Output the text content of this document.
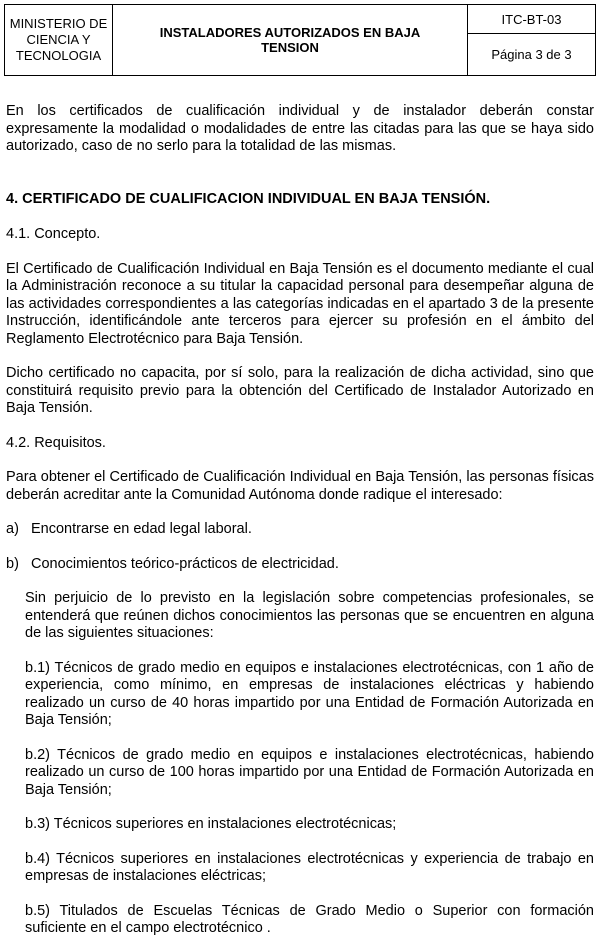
MINISTERIO DE CIENCIA Y TECNOLOGIA
INSTALADORES AUTORIZADOS EN BAJA TENSION
ITC-BT-03
Página 3 de 3

En los certificados de cualificación individual y de instalador deberán constar expresamente la modalidad o modalidades de entre las citadas para las que se haya sido autorizado, caso de no serlo para la totalidad de las mismas.

4. CERTIFICADO DE CUALIFICACION INDIVIDUAL EN BAJA TENSIÓN.

4.1. Concepto.

El Certificado de Cualificación Individual en Baja Tensión es el documento mediante el cual la Administración reconoce a su titular la capacidad personal para desempeñar alguna de las actividades correspondientes a las categorías indicadas en el apartado 3 de la presente Instrucción, identificándole ante terceros para ejercer su profesión en el ámbito del Reglamento Electrotécnico para Baja Tensión.

Dicho certificado no capacita, por sí solo, para la realización de dicha actividad, sino que constituirá requisito previo para la obtención del Certificado de Instalador Autorizado en Baja Tensión.

4.2. Requisitos.

Para obtener el Certificado de Cualificación Individual en Baja Tensión, las personas físicas deberán acreditar ante la Comunidad Autónoma donde radique el interesado:

a) Encontrarse en edad legal laboral.
b) Conocimientos teórico-prácticos de electricidad.

Sin perjuicio de lo previsto en la legislación sobre competencias profesionales, se entenderá que reúnen dichos conocimientos las personas que se encuentren en alguna de las siguientes situaciones:

b.1) Técnicos de grado medio en equipos e instalaciones electrotécnicas, con 1 año de experiencia, como mínimo, en empresas de instalaciones eléctricas y habiendo realizado un curso de 40 horas impartido por una Entidad de Formación Autorizada en Baja Tensión;

b.2) Técnicos de grado medio en equipos e instalaciones electrotécnicas, habiendo realizado un curso de 100 horas impartido por una Entidad de Formación Autorizada en Baja Tensión;

b.3) Técnicos superiores en instalaciones electrotécnicas;

b.4) Técnicos superiores en instalaciones electrotécnicas y experiencia de trabajo en empresas de instalaciones eléctricas;

b.5) Titulados de Escuelas Técnicas de Grado Medio o Superior con formación suficiente en el campo electrotécnico .
